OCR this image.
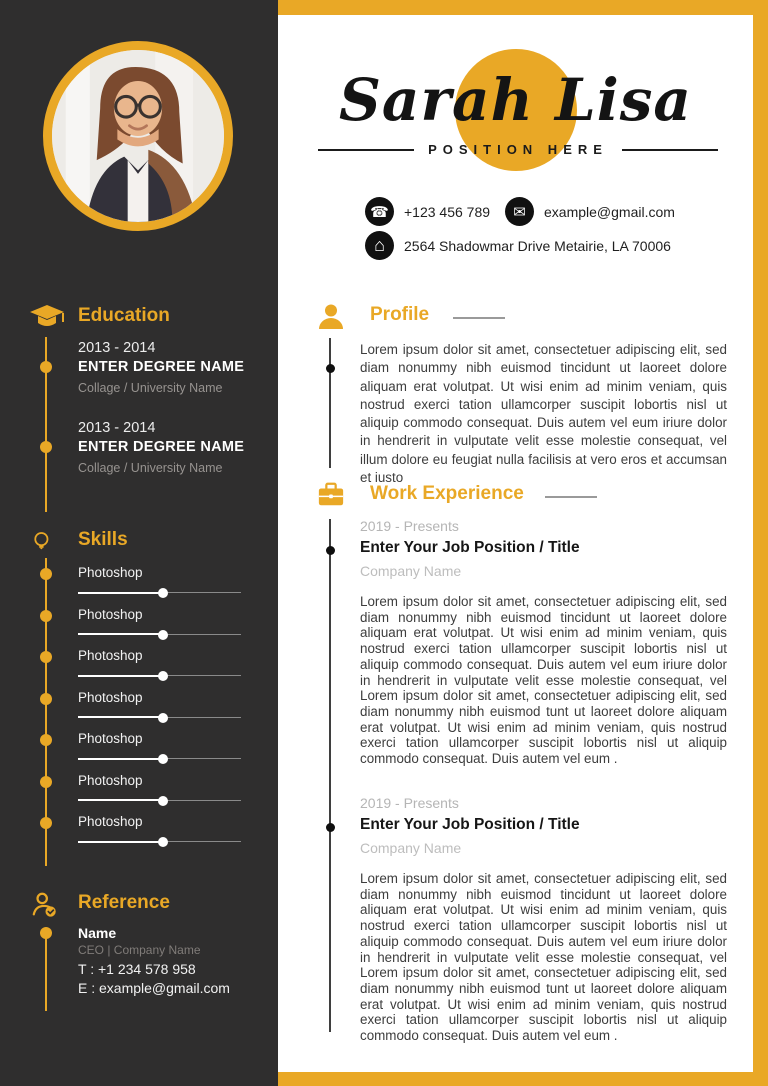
Education
2013 - 2014
ENTER DEGREE NAME
Collage / University Name
2013 - 2014
ENTER DEGREE NAME
Collage / University Name
Skills
Photoshop
Photoshop
Photoshop
Photoshop
Photoshop
Photoshop
Photoshop
Reference
Name
CEO | Company Name
T : +1 234 578 958
E : example@gmail.com
Sarah Lisa
POSITION HERE
☎	+123 456 789	✉	example@gmail.com
⌂	2564 Shadowmar Drive Metairie, LA 70006
Profile
Lorem ipsum dolor sit amet, consectetuer adipiscing elit, sed diam nonummy nibh euismod tincidunt ut laoreet dolore aliquam erat volutpat. Ut wisi enim ad minim veniam, quis nostrud exerci tation ullamcorper suscipit lobortis nisl ut aliquip commodo consequat. Duis autem vel eum iriure dolor in hendrerit in vulputate velit esse molestie consequat, vel illum dolore eu feugiat nulla facilisis at vero eros et accumsan et iusto
Work Experience
2019 - Presents
Enter Your Job Position / Title
Company Name
Lorem ipsum dolor sit amet, consectetuer adipiscing elit, sed diam nonummy nibh euismod tincidunt ut laoreet dolore aliquam erat volutpat. Ut wisi enim ad minim veniam, quis nostrud exerci tation ullamcorper suscipit lobortis nisl ut aliquip commodo consequat. Duis autem vel eum iriure dolor in hendrerit in vulputate velit esse molestie consequat, vel Lorem ipsum dolor sit amet, consectetuer adipiscing elit, sed diam nonummy nibh euismod tunt ut laoreet dolore aliquam erat volutpat. Ut wisi enim ad minim veniam, quis nostrud exerci tation ullamcorper suscipit lobortis nisl ut aliquip commodo consequat. Duis autem vel eum .
2019 - Presents
Enter Your Job Position / Title
Company Name
Lorem ipsum dolor sit amet, consectetuer adipiscing elit, sed diam nonummy nibh euismod tincidunt ut laoreet dolore aliquam erat volutpat. Ut wisi enim ad minim veniam, quis nostrud exerci tation ullamcorper suscipit lobortis nisl ut aliquip commodo consequat. Duis autem vel eum iriure dolor in hendrerit in vulputate velit esse molestie consequat, vel Lorem ipsum dolor sit amet, consectetuer adipiscing elit, sed diam nonummy nibh euismod tunt ut laoreet dolore aliquam erat volutpat. Ut wisi enim ad minim veniam, quis nostrud exerci tation ullamcorper suscipit lobortis nisl ut aliquip commodo consequat. Duis autem vel eum .
